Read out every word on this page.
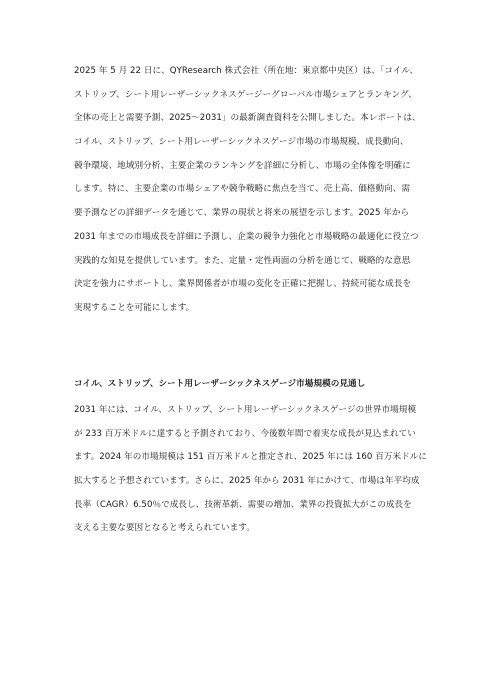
2025 年 5 月 22 日に、QYResearch 株式会社（所在地：東京都中央区）は、「コイル、
ストリップ、シート用レーザーシックネスゲージーグローバル市場シェアとランキング、
全体の売上と需要予測、2025～2031」の最新調査資料を公開しました。本レポートは、
コイル、ストリップ、シート用レーザーシックネスゲージ市場の市場規模、成長動向、
競争環境、地域別分析、主要企業のランキングを詳細に分析し、市場の全体像を明確に
します。特に、主要企業の市場シェアや競争戦略に焦点を当て、売上高、価格動向、需
要予測などの詳細データを通じて、業界の現状と将来の展望を示します。2025 年から
2031 年までの市場成長を詳細に予測し、企業の競争力強化と市場戦略の最適化に役立つ
実践的な知見を提供しています。また、定量・定性両面の分析を通じて、戦略的な意思
決定を強力にサポートし、業界関係者が市場の変化を正確に把握し、持続可能な成長を
実現することを可能にします。
コイル、ストリップ、シート用レーザーシックネスゲージ市場規模の見通し
2031 年には、コイル、ストリップ、シート用レーザーシックネスゲージの世界市場規模
が 233 百万米ドルに達すると予測されており、今後数年間で着実な成長が見込まれてい
ます。2024 年の市場規模は 151 百万米ドルと推定され、2025 年には 160 百万米ドルに
拡大すると予想されています。さらに、2025 年から 2031 年にかけて、市場は年平均成
長率（CAGR）6.50％で成長し、技術革新、需要の増加、業界の投資拡大がこの成長を
支える主要な要因となると考えられています。
